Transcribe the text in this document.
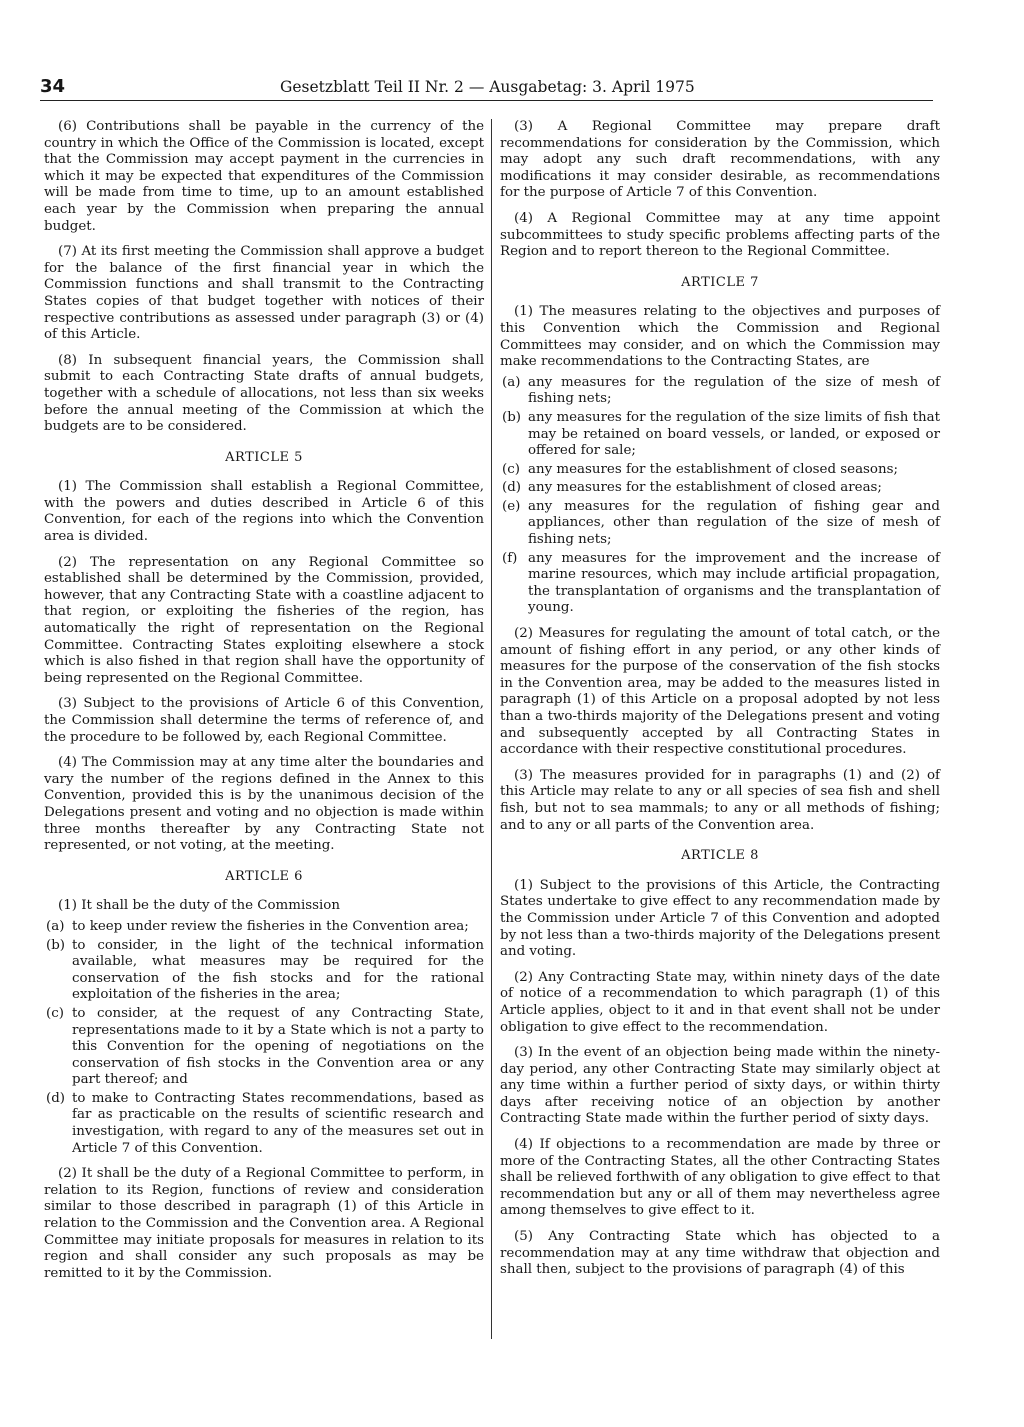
34	Gesetzblatt Teil II Nr. 2 — Ausgabetag: 3. April 1975

(6) Contributions shall be payable in the currency of the country in which the Office of the Commission is located, except that the Commission may accept payment in the currencies in which it may be expected that expenditures of the Commission will be made from time to time, up to an amount established each year by the Commission when preparing the annual budget.

(7) At its first meeting the Commission shall approve a budget for the balance of the first financial year in which the Commission functions and shall transmit to the Contracting States copies of that budget together with notices of their respective contributions as assessed under paragraph (3) or (4) of this Article.

(8) In subsequent financial years, the Commission shall submit to each Contracting State drafts of annual budgets, together with a schedule of allocations, not less than six weeks before the annual meeting of the Commission at which the budgets are to be considered.

ARTICLE 5

(1) The Commission shall establish a Regional Committee, with the powers and duties described in Article 6 of this Convention, for each of the regions into which the Convention area is divided.

(2) The representation on any Regional Committee so established shall be determined by the Commission, provided, however, that any Contracting State with a coastline adjacent to that region, or exploiting the fisheries of the region, has automatically the right of representation on the Regional Committee. Contracting States exploiting elsewhere a stock which is also fished in that region shall have the opportunity of being represented on the Regional Committee.

(3) Subject to the provisions of Article 6 of this Convention, the Commission shall determine the terms of reference of, and the procedure to be followed by, each Regional Committee.

(4) The Commission may at any time alter the boundaries and vary the number of the regions defined in the Annex to this Convention, provided this is by the unanimous decision of the Delegations present and voting and no objection is made within three months thereafter by any Contracting State not represented, or not voting, at the meeting.

ARTICLE 6

(1) It shall be the duty of the Commission

(a) to keep under review the fisheries in the Convention area;
(b) to consider, in the light of the technical information available, what measures may be required for the conservation of the fish stocks and for the rational exploitation of the fisheries in the area;
(c) to consider, at the request of any Contracting State, representations made to it by a State which is not a party to this Convention for the opening of negotiations on the conservation of fish stocks in the Convention area or any part thereof; and
(d) to make to Contracting States recommendations, based as far as practicable on the results of scientific research and investigation, with regard to any of the measures set out in Article 7 of this Convention.

(2) It shall be the duty of a Regional Committee to perform, in relation to its Region, functions of review and consideration similar to those described in paragraph (1) of this Article in relation to the Commission and the Convention area. A Regional Committee may initiate proposals for measures in relation to its region and shall consider any such proposals as may be remitted to it by the Commission.

(3) A Regional Committee may prepare draft recommendations for consideration by the Commission, which may adopt any such draft recommendations, with any modifications it may consider desirable, as recommendations for the purpose of Article 7 of this Convention.

(4) A Regional Committee may at any time appoint subcommittees to study specific problems affecting parts of the Region and to report thereon to the Regional Committee.

ARTICLE 7

(1) The measures relating to the objectives and purposes of this Convention which the Commission and Regional Committees may consider, and on which the Commission may make recommendations to the Contracting States, are

(a) any measures for the regulation of the size of mesh of fishing nets;
(b) any measures for the regulation of the size limits of fish that may be retained on board vessels, or landed, or exposed or offered for sale;
(c) any measures for the establishment of closed seasons;
(d) any measures for the establishment of closed areas;
(e) any measures for the regulation of fishing gear and appliances, other than regulation of the size of mesh of fishing nets;
(f) any measures for the improvement and the increase of marine resources, which may include artificial propagation, the transplantation of organisms and the transplantation of young.

(2) Measures for regulating the amount of total catch, or the amount of fishing effort in any period, or any other kinds of measures for the purpose of the conservation of the fish stocks in the Convention area, may be added to the measures listed in paragraph (1) of this Article on a proposal adopted by not less than a two-thirds majority of the Delegations present and voting and subsequently accepted by all Contracting States in accordance with their respective constitutional procedures.

(3) The measures provided for in paragraphs (1) and (2) of this Article may relate to any or all species of sea fish and shell fish, but not to sea mammals; to any or all methods of fishing; and to any or all parts of the Convention area.

ARTICLE 8

(1) Subject to the provisions of this Article, the Contracting States undertake to give effect to any recommendation made by the Commission under Article 7 of this Convention and adopted by not less than a two-thirds majority of the Delegations present and voting.

(2) Any Contracting State may, within ninety days of the date of notice of a recommendation to which paragraph (1) of this Article applies, object to it and in that event shall not be under obligation to give effect to the recommendation.

(3) In the event of an objection being made within the ninety-day period, any other Contracting State may similarly object at any time within a further period of sixty days, or within thirty days after receiving notice of an objection by another Contracting State made within the further period of sixty days.

(4) If objections to a recommendation are made by three or more of the Contracting States, all the other Contracting States shall be relieved forthwith of any obligation to give effect to that recommendation but any or all of them may nevertheless agree among themselves to give effect to it.

(5) Any Contracting State which has objected to a recommendation may at any time withdraw that objection and shall then, subject to the provisions of paragraph (4) of this
